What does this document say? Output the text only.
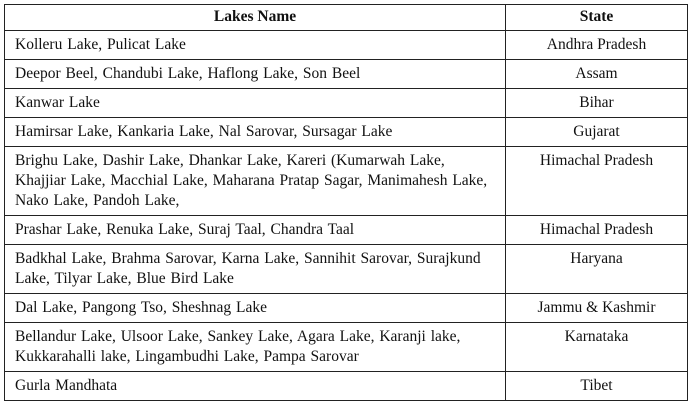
Lakes Name	State
Kolleru Lake, Pulicat Lake	Andhra Pradesh
Deepor Beel, Chandubi Lake, Haflong Lake, Son Beel	Assam
Kanwar Lake	Bihar
Hamirsar Lake, Kankaria Lake, Nal Sarovar, Sursagar Lake	Gujarat
Brighu Lake, Dashir Lake, Dhankar Lake, Kareri (Kumarwah Lake, Khajjiar Lake, Macchial Lake, Maharana Pratap Sagar, Manimahesh Lake, Nako Lake, Pandoh Lake,	Himachal Pradesh
Prashar Lake, Renuka Lake, Suraj Taal, Chandra Taal	Himachal Pradesh
Badkhal Lake, Brahma Sarovar, Karna Lake, Sannihit Sarovar, Surajkund Lake, Tilyar Lake, Blue Bird Lake	Haryana
Dal Lake, Pangong Tso, Sheshnag Lake	Jammu & Kashmir
Bellandur Lake, Ulsoor Lake, Sankey Lake, Agara Lake, Karanji lake, Kukkarahalli lake, Lingambudhi Lake, Pampa Sarovar	Karnataka
Gurla Mandhata	Tibet
